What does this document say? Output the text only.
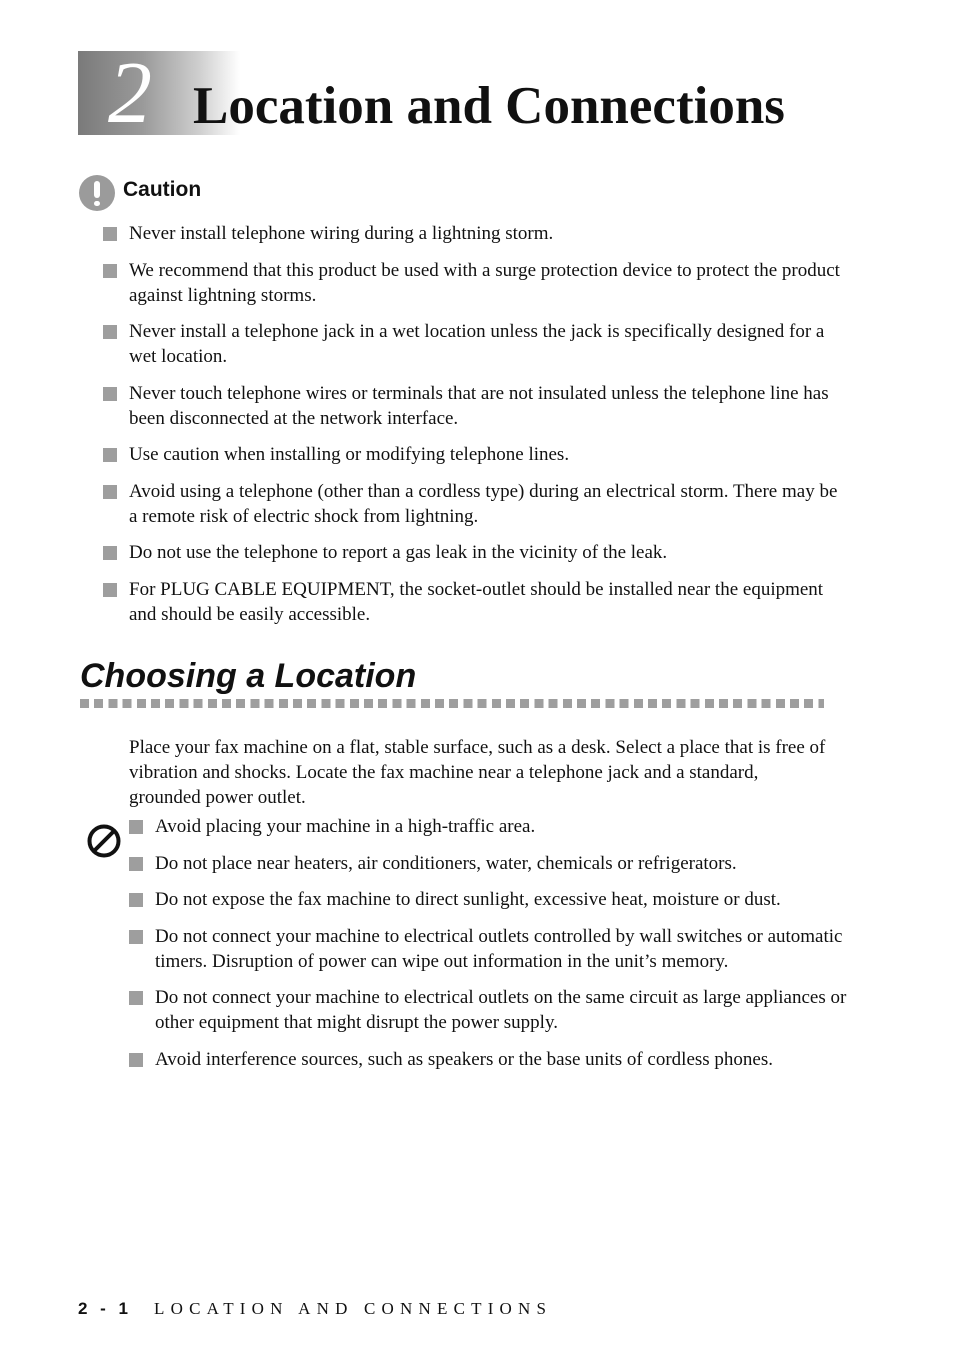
2 Location and Connections
Caution
Never install telephone wiring during a lightning storm.
We recommend that this product be used with a surge protection device to protect the product against lightning storms.
Never install a telephone jack in a wet location unless the jack is specifically designed for a wet location.
Never touch telephone wires or terminals that are not insulated unless the telephone line has been disconnected at the network interface.
Use caution when installing or modifying telephone lines.
Avoid using a telephone (other than a cordless type) during an electrical storm. There may be a remote risk of electric shock from lightning.
Do not use the telephone to report a gas leak in the vicinity of the leak.
For PLUG CABLE EQUIPMENT, the socket-outlet should be installed near the equipment and should be easily accessible.
Choosing a Location

Place your fax machine on a flat, stable surface, such as a desk. Select a place that is free of vibration and shocks. Locate the fax machine near a telephone jack and a standard, grounded power outlet.

Avoid placing your machine in a high-traffic area.
Do not place near heaters, air conditioners, water, chemicals or refrigerators.
Do not expose the fax machine to direct sunlight, excessive heat, moisture or dust.
Do not connect your machine to electrical outlets controlled by wall switches or automatic timers. Disruption of power can wipe out information in the unit’s memory.
Do not connect your machine to electrical outlets on the same circuit as large appliances or other equipment that might disrupt the power supply.
Avoid interference sources, such as speakers or the base units of cordless phones.
2 - 1 LOCATION AND CONNECTIONS
